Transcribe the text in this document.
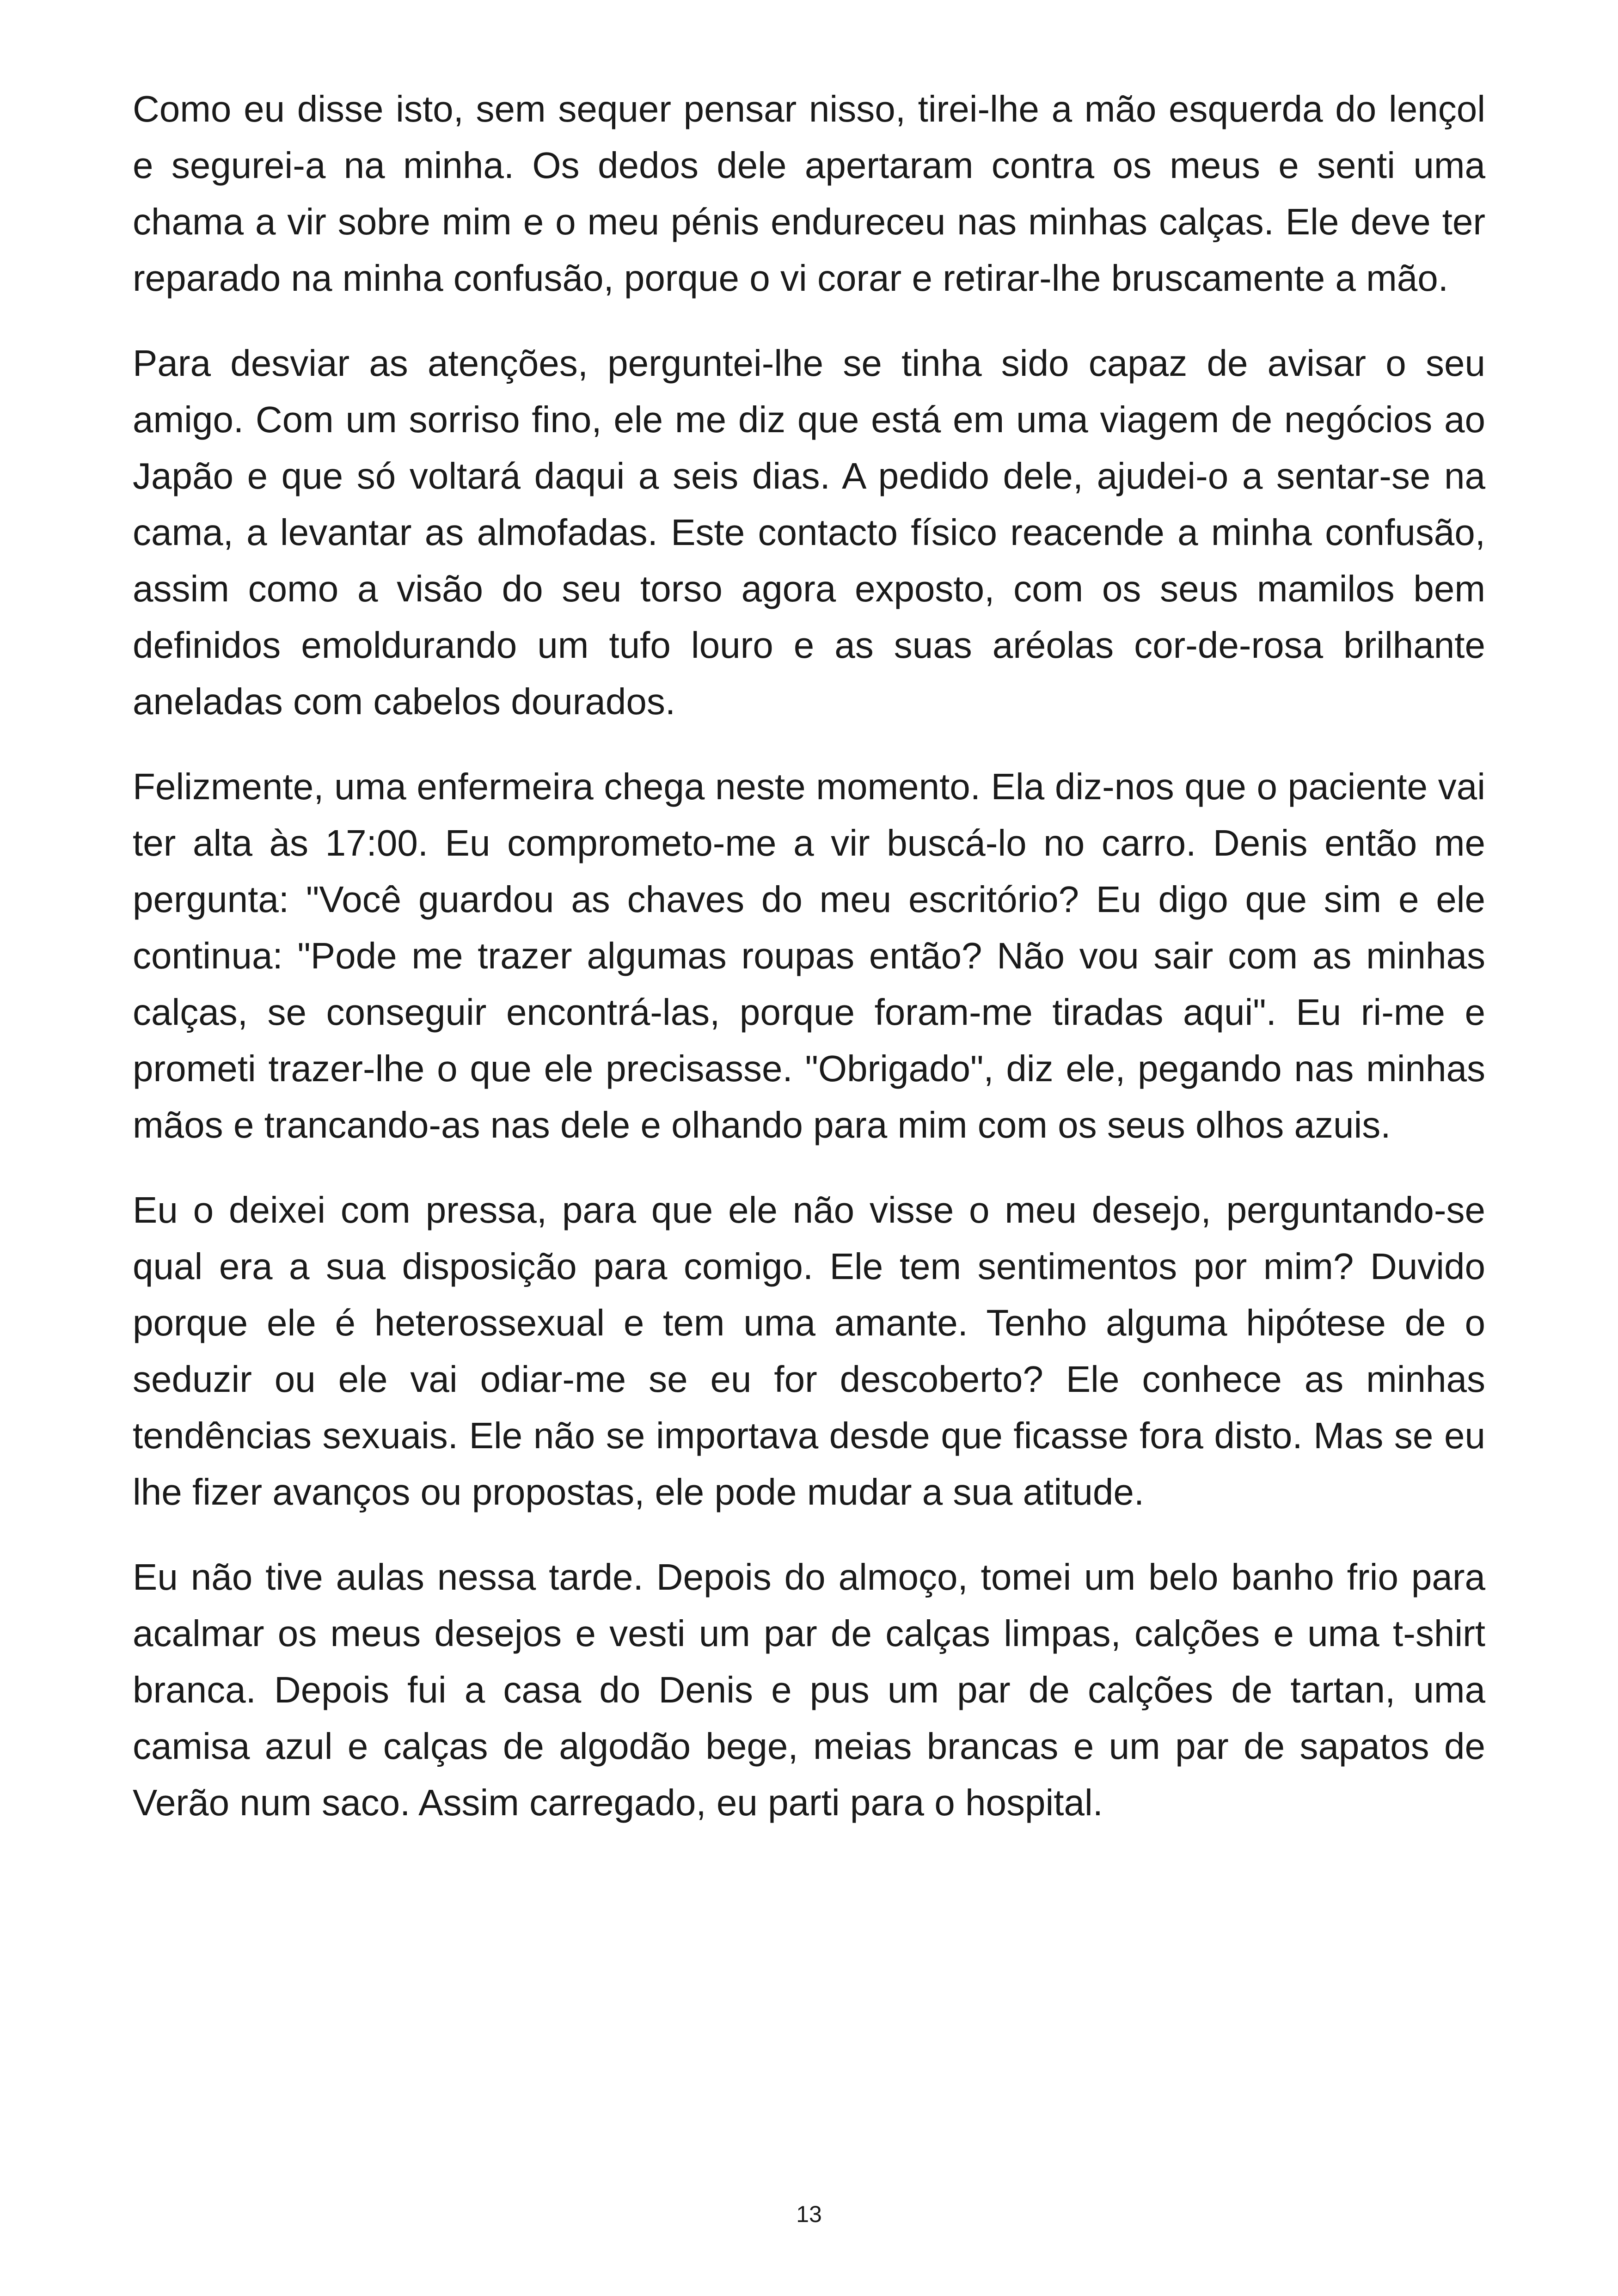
Como eu disse isto, sem sequer pensar nisso, tirei-lhe a mão esquerda do lençol e segurei-a na minha. Os dedos dele apertaram contra os meus e senti uma chama a vir sobre mim e o meu pénis endureceu nas minhas calças. Ele deve ter reparado na minha confusão, porque o vi corar e retirar-lhe bruscamente a mão.

Para desviar as atenções, perguntei-lhe se tinha sido capaz de avisar o seu amigo. Com um sorriso fino, ele me diz que está em uma viagem de negócios ao Japão e que só voltará daqui a seis dias. A pedido dele, ajudei-o a sentar-se na cama, a levantar as almofadas. Este contacto físico reacende a minha confusão, assim como a visão do seu torso agora exposto, com os seus mamilos bem definidos emoldurando um tufo louro e as suas aréolas cor-de-rosa brilhante aneladas com cabelos dourados.

Felizmente, uma enfermeira chega neste momento. Ela diz-nos que o paciente vai ter alta às 17:00. Eu comprometo-me a vir buscá-lo no carro. Denis então me pergunta: "Você guardou as chaves do meu escritório? Eu digo que sim e ele continua: "Pode me trazer algumas roupas então? Não vou sair com as minhas calças, se conseguir encontrá-las, porque foram-me tiradas aqui". Eu ri-me e prometi trazer-lhe o que ele precisasse. "Obrigado", diz ele, pegando nas minhas mãos e trancando-as nas dele e olhando para mim com os seus olhos azuis.

Eu o deixei com pressa, para que ele não visse o meu desejo, perguntando-se qual era a sua disposição para comigo. Ele tem sentimentos por mim? Duvido porque ele é heterossexual e tem uma amante. Tenho alguma hipótese de o seduzir ou ele vai odiar-me se eu for descoberto? Ele conhece as minhas tendências sexuais. Ele não se importava desde que ficasse fora disto. Mas se eu lhe fizer avanços ou propostas, ele pode mudar a sua atitude.

Eu não tive aulas nessa tarde. Depois do almoço, tomei um belo banho frio para acalmar os meus desejos e vesti um par de calças limpas, calções e uma t-shirt branca. Depois fui a casa do Denis e pus um par de calções de tartan, uma camisa azul e calças de algodão bege, meias brancas e um par de sapatos de Verão num saco. Assim carregado, eu parti para o hospital.

13
